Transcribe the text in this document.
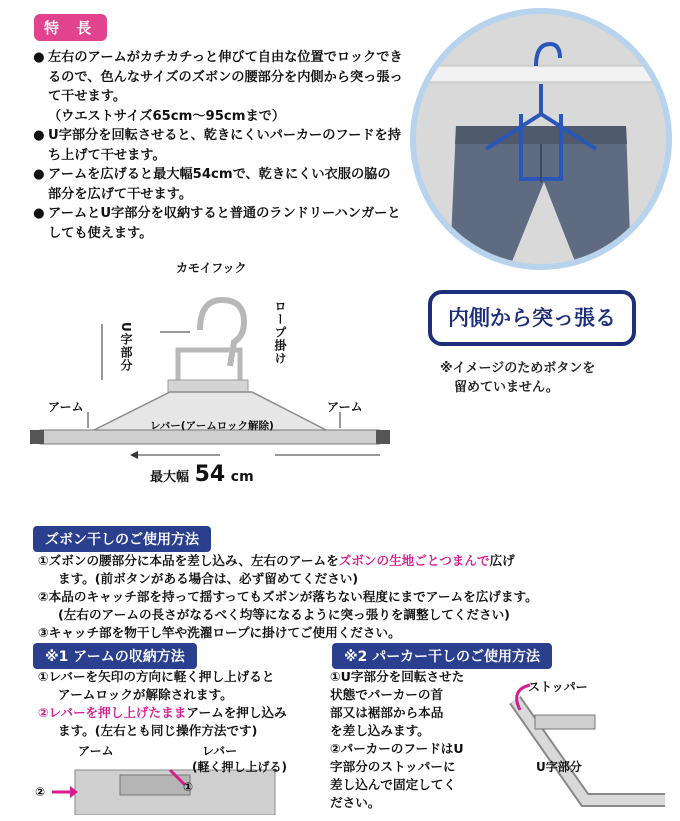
特 長

● 左右のアームがカチカチっと伸びて自由な位置でロックできるので、色んなサイズのズボンの腰部分を内側から突っ張って干せます。

（ウエストサイズ65cm〜95cmまで）

● U字部分を回転させると、乾きにくいパーカーのフードを持ち上げて干せます。

● アームを広げると最大幅54cmで、乾きにくい衣服の脇の部分を広げて干せます。

● アームとU字部分を収納すると普通のランドリーハンガーとしても使えます。

内側から突っ張る
※イメージのためボタンを
留めていません。
カモイフック
U字部分	ロープ掛け
アーム	アーム
レバー(アームロック解除)
最大幅 54 cm
ズボン干しのご使用方法

①ズボンの腰部分に本品を差し込み、左右のアームをズボンの生地ごとつまんで広げ

ます。(前ボタンがある場合は、必ず留めてください)

②本品のキャッチ部を持って揺すってもズボンが落ちない程度にまでアームを広げます。

(左右のアームの長さがなるべく均等になるように突っ張りを調整してください)

③キャッチ部を物干し竿や洗濯ロープに掛けてご使用ください。

※1 アームの収納方法

①レバーを矢印の方向に軽く押し上げると

アームロックが解除されます。

②レバーを押し上げたままアームを押し込み

ます。(左右とも同じ操作方法です)

アーム	レバー
(軽く押し上げる)
②	①
※2 パーカー干しのご使用方法

①U字部分を回転させた

状態でパーカーの首

部又は裾部から本品

を差し込みます。

②パーカーのフードはU

字部分のストッパーに

差し込んで固定してく

ださい。

ストッパー
U字部分
